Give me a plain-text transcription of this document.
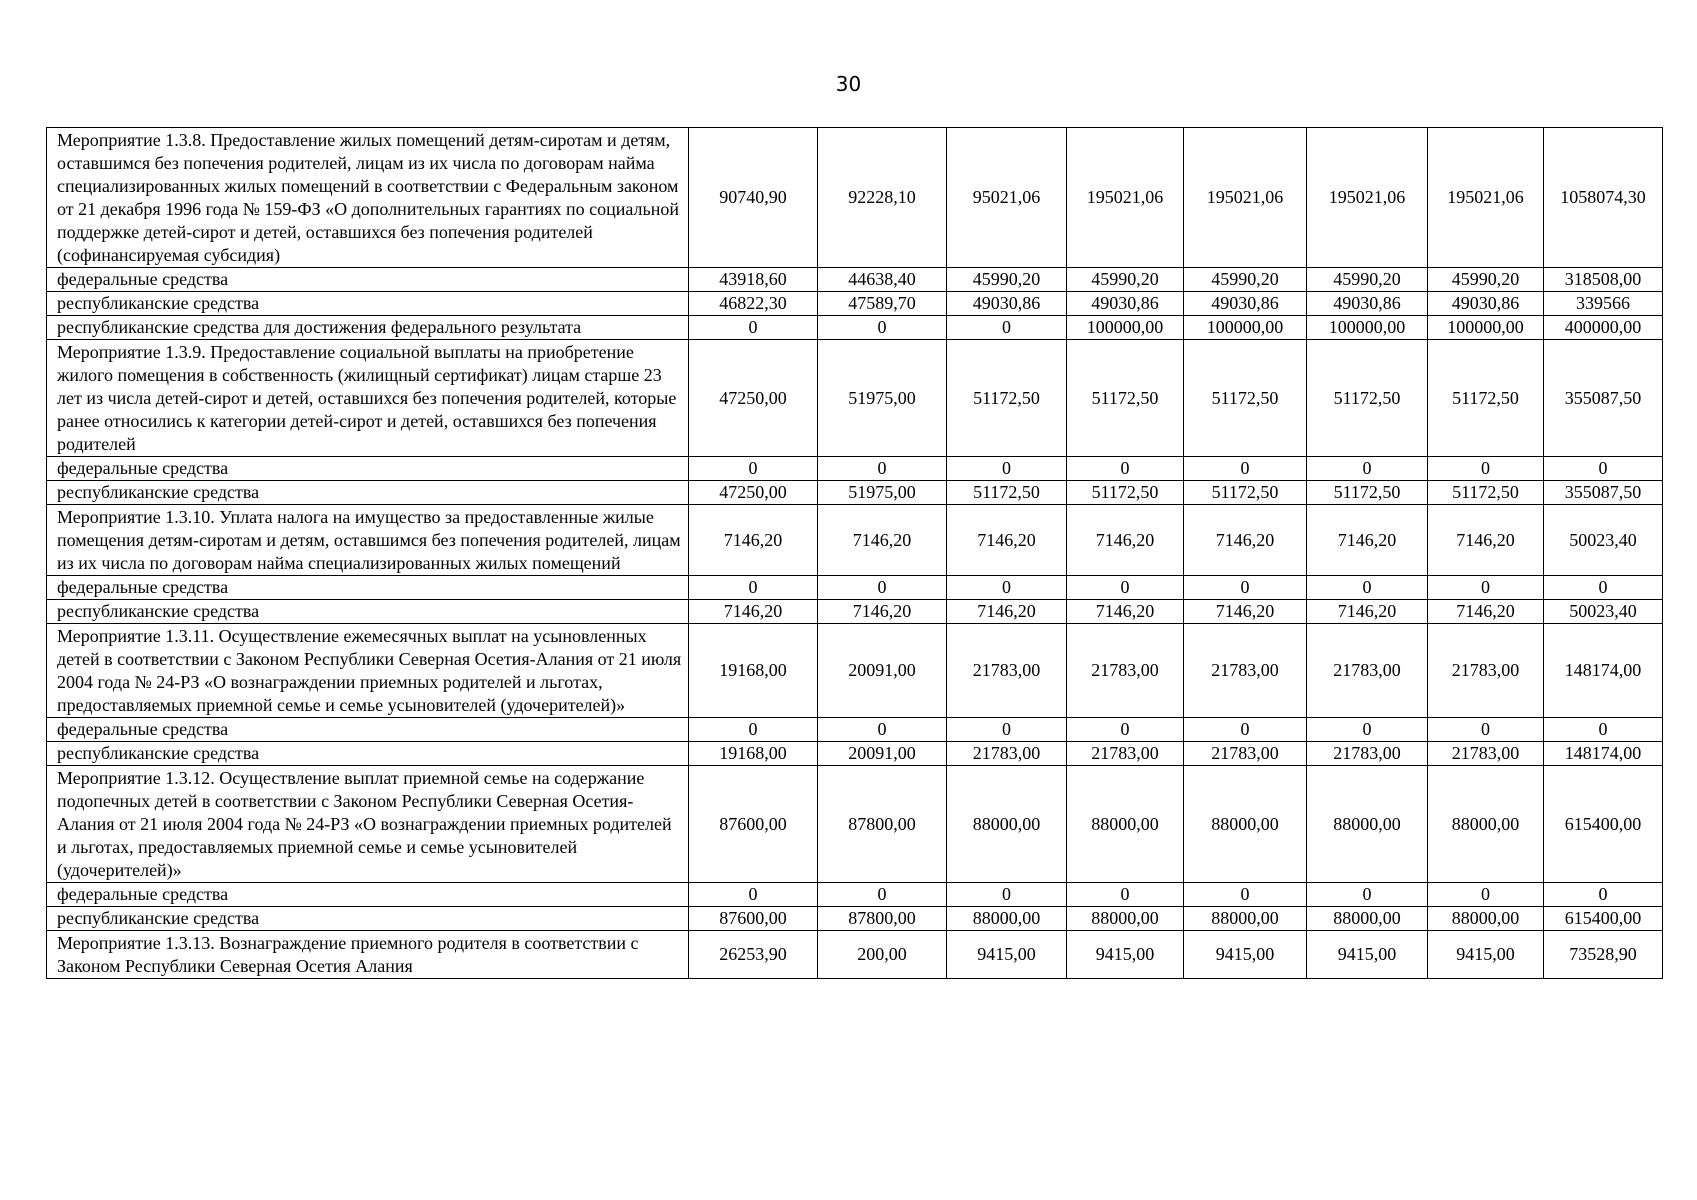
30
Мероприятие 1.3.8. Предоставление жилых помещений детям-сиротам и детям, оставшимся без попечения родителей, лицам из их числа по договорам найма специализированных жилых помещений в соответствии с Федеральным законом от 21 декабря 1996 года № 159-ФЗ «О дополнительных гарантиях по социальной поддержке детей-сирот и детей, оставшихся без попечения родителей (софинансируемая субсидия)	90740,90	92228,10	95021,06	195021,06	195021,06	195021,06	195021,06	1058074,30
федеральные средства	43918,60	44638,40	45990,20	45990,20	45990,20	45990,20	45990,20	318508,00
республиканские средства	46822,30	47589,70	49030,86	49030,86	49030,86	49030,86	49030,86	339566
республиканские средства для достижения федерального результата	0	0	0	100000,00	100000,00	100000,00	100000,00	400000,00
Мероприятие 1.3.9. Предоставление социальной выплаты на приобретение жилого помещения в собственность (жилищный сертификат) лицам старше 23 лет из числа детей-сирот и детей, оставшихся без попечения родителей, которые ранее относились к категории детей-сирот и детей, оставшихся без попечения родителей	47250,00	51975,00	51172,50	51172,50	51172,50	51172,50	51172,50	355087,50
федеральные средства	0	0	0	0	0	0	0	0
республиканские средства	47250,00	51975,00	51172,50	51172,50	51172,50	51172,50	51172,50	355087,50
Мероприятие 1.3.10. Уплата налога на имущество за предоставленные жилые помещения детям-сиротам и детям, оставшимся без попечения родителей, лицам из их числа по договорам найма специализированных жилых помещений	7146,20	7146,20	7146,20	7146,20	7146,20	7146,20	7146,20	50023,40
федеральные средства	0	0	0	0	0	0	0	0
республиканские средства	7146,20	7146,20	7146,20	7146,20	7146,20	7146,20	7146,20	50023,40
Мероприятие 1.3.11. Осуществление ежемесячных выплат на усыновленных детей в соответствии с Законом Республики Северная Осетия-Алания от 21 июля 2004 года № 24-РЗ «О вознаграждении приемных родителей и льготах, предоставляемых приемной семье и семье усыновителей (удочерителей)»	19168,00	20091,00	21783,00	21783,00	21783,00	21783,00	21783,00	148174,00
федеральные средства	0	0	0	0	0	0	0	0
республиканские средства	19168,00	20091,00	21783,00	21783,00	21783,00	21783,00	21783,00	148174,00
Мероприятие 1.3.12. Осуществление выплат приемной семье на содержание подопечных детей в соответствии с Законом Республики Северная Осетия-Алания от 21 июля 2004 года № 24-РЗ «О вознаграждении приемных родителей и льготах, предоставляемых приемной семье и семье усыновителей (удочерителей)»	87600,00	87800,00	88000,00	88000,00	88000,00	88000,00	88000,00	615400,00
федеральные средства	0	0	0	0	0	0	0	0
республиканские средства	87600,00	87800,00	88000,00	88000,00	88000,00	88000,00	88000,00	615400,00
Мероприятие 1.3.13. Вознаграждение приемного родителя в соответствии с Законом Республики Северная Осетия Алания	26253,90	200,00	9415,00	9415,00	9415,00	9415,00	9415,00	73528,90
